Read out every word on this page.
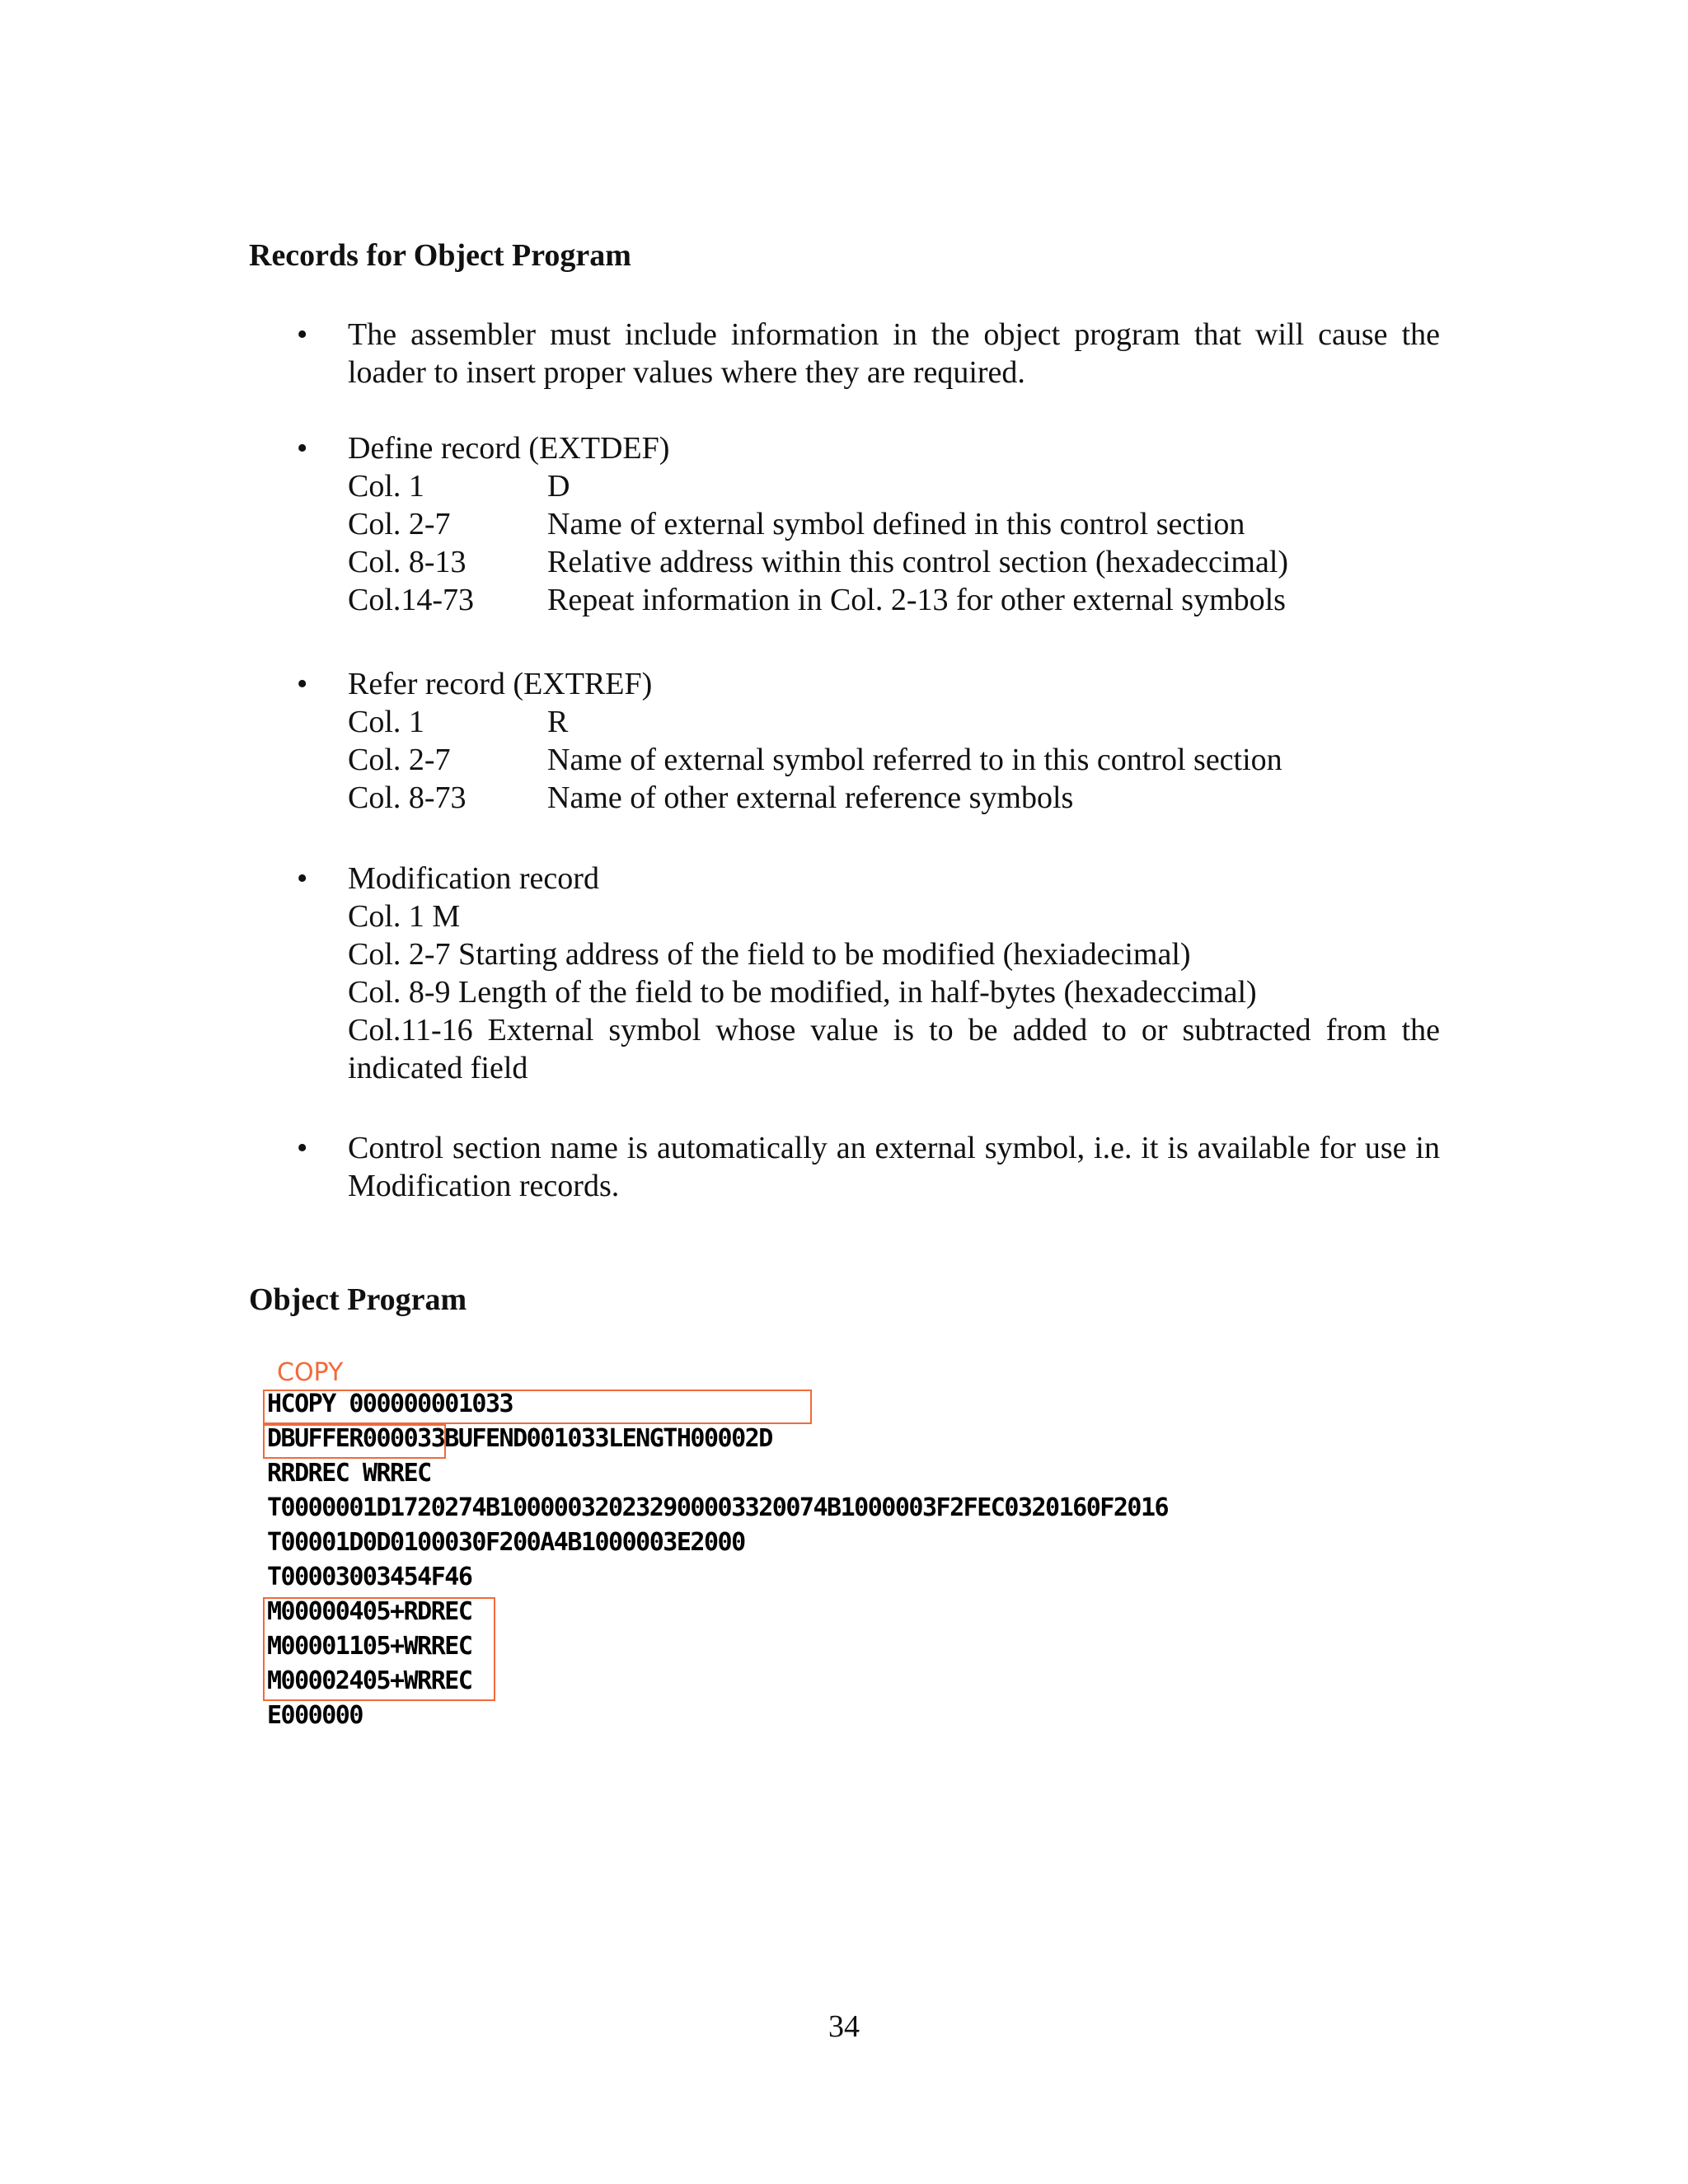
Records for Object Program
• The assembler must include information in the object program that will cause the loader to insert proper values where they are required.
• Define record (EXTDEF)
Col. 1	D
Col. 2-7	Name of external symbol defined in this control section
Col. 8-13	Relative address within this control section (hexadeccimal)
Col.14-73	Repeat information in Col. 2-13 for other external symbols
• Refer record (EXTREF)
Col. 1	R
Col. 2-7	Name of external symbol referred to in this control section
Col. 8-73	Name of other external reference symbols
• Modification record
Col. 1 M
Col. 2-7 Starting address of the field to be modified (hexiadecimal)
Col. 8-9 Length of the field to be modified, in half-bytes (hexadeccimal)
Col.11-16 External symbol whose value is to be added to or subtracted from the indicated field
• Control section name is automatically an external symbol, i.e. it is available for use in Modification records.
Object Program
COPY
HCOPY 000000001033
DBUFFER000033BUFEND001033LENGTH00002D
RRDREC WRREC
T0000001D1720274B100000320232900003320074B1000003F2FEC0320160F2016
T00001D0D0100030F200A4B1000003E2000
T00003003454F46
M00000405+RDREC
M00001105+WRREC
M00002405+WRREC
E000000
34
